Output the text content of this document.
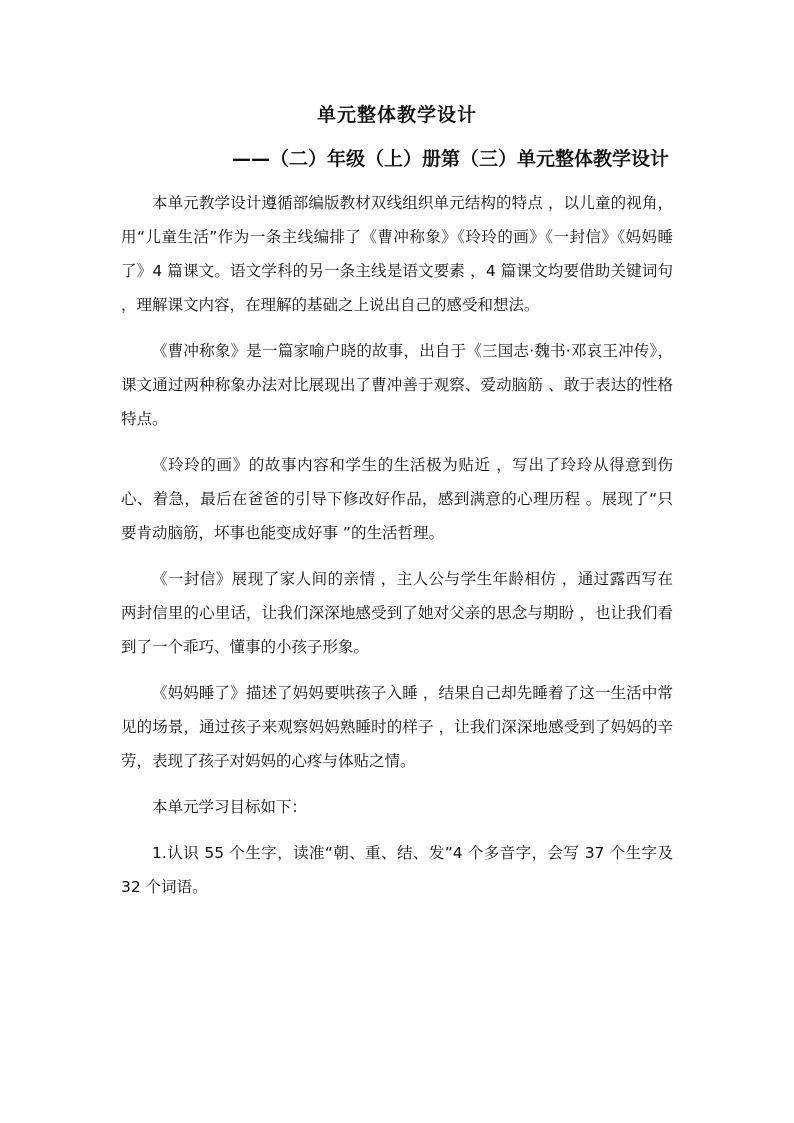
单元整体教学设计
——（二）年级（上）册第（三）单元整体教学设计

本单元教学设计遵循部编版教材双线组织单元结构的特点 ，以儿童的视角，用“儿童生活”作为一条主线编排了《曹冲称象》《玲玲的画》《一封信》《妈妈睡了》4 篇课文。语文学科的另一条主线是语文要素 ，4 篇课文均要借助关键词句 ，理解课文内容，在理解的基础之上说出自己的感受和想法。

《曹冲称象》是一篇家喻户晓的故事，出自于《三国志·魏书·邓哀王冲传》，课文通过两种称象办法对比展现出了曹冲善于观察、爱动脑筋 、敢于表达的性格特点。

《玲玲的画》的故事内容和学生的生活极为贴近 ，写出了玲玲从得意到伤心、着急，最后在爸爸的引导下修改好作品，感到满意的心理历程 。展现了“只要肯动脑筋，坏事也能变成好事 ”的生活哲理。

《一封信》展现了家人间的亲情 ，主人公与学生年龄相仿 ，通过露西写在两封信里的心里话，让我们深深地感受到了她对父亲的思念与期盼 ，也让我们看到了一个乖巧、懂事的小孩子形象。

《妈妈睡了》描述了妈妈要哄孩子入睡 ，结果自己却先睡着了这一生活中常见的场景，通过孩子来观察妈妈熟睡时的样子 ，让我们深深地感受到了妈妈的辛劳，表现了孩子对妈妈的心疼与体贴之情。

本单元学习目标如下：

1.认识 55 个生字，读准“朝、重、结、发”4 个多音字，会写 37 个生字及 32 个词语。
